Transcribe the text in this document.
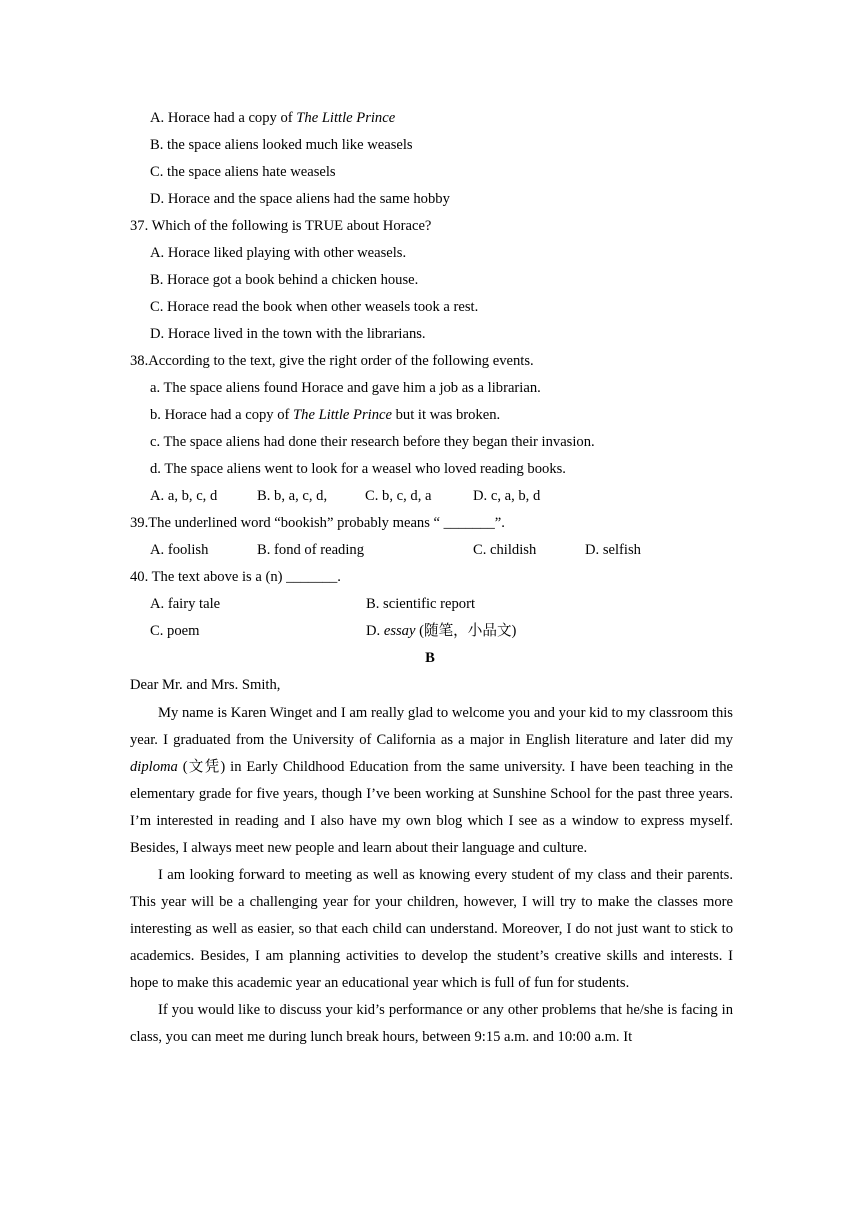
A. Horace had a copy of The Little Prince
B. the space aliens looked much like weasels
C. the space aliens hate weasels
D. Horace and the space aliens had the same hobby
37. Which of the following is TRUE about Horace?
A. Horace liked playing with other weasels.
B. Horace got a book behind a chicken house.
C. Horace read the book when other weasels took a rest.
D. Horace lived in the town with the librarians.
38.According to the text, give the right order of the following events.
a. The space aliens found Horace and gave him a job as a librarian.
b. Horace had a copy of The Little Prince but it was broken.
c. The space aliens had done their research before they began their invasion.
d. The space aliens went to look for a weasel who loved reading books.
A. a, b, c, d	B. b, a, c, d,	C. b, c, d, a	D. c, a, b, d
39.The underlined word “bookish” probably means “ _______”.
A. foolish	B. fond of reading	C. childish	D. selfish
40. The text above is a (n) _______.
A. fairy tale	B. scientific report
C. poem	D. essay (随笔，小品文)
B
Dear Mr. and Mrs. Smith,

My name is Karen Winget and I am really glad to welcome you and your kid to my classroom this year. I graduated from the University of California as a major in English literature and later did my diploma (文凭) in Early Childhood Education from the same university. I have been teaching in the elementary grade for five years, though I’ve been working at Sunshine School for the past three years. I’m interested in reading and I also have my own blog which I see as a window to express myself. Besides, I always meet new people and learn about their language and culture.

I am looking forward to meeting as well as knowing every student of my class and their parents. This year will be a challenging year for your children, however, I will try to make the classes more interesting as well as easier, so that each child can understand. Moreover, I do not just want to stick to academics. Besides, I am planning activities to develop the student’s creative skills and interests. I hope to make this academic year an educational year which is full of fun for students.

If you would like to discuss your kid’s performance or any other problems that he/she is facing in class, you can meet me during lunch break hours, between 9:15 a.m. and 10:00 a.m. It
